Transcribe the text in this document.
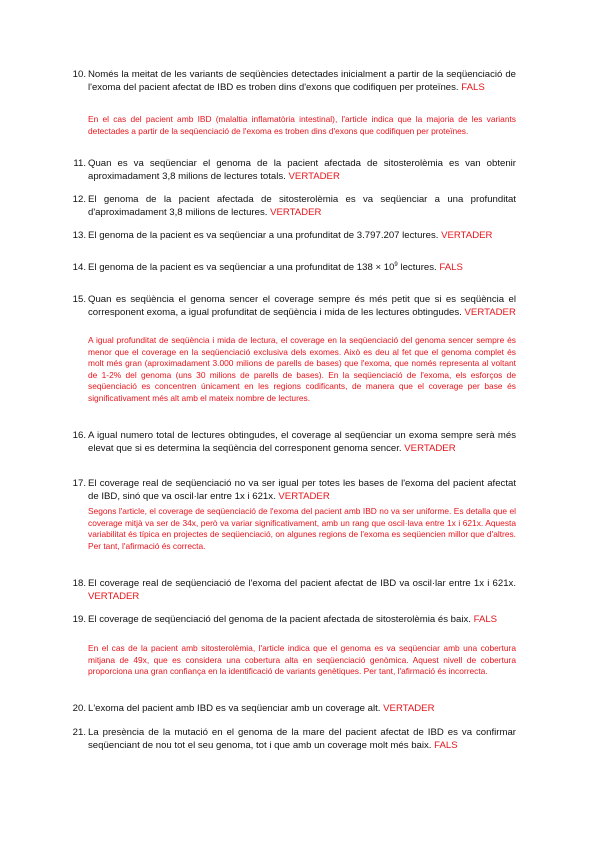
10. Només la meitat de les variants de seqüències detectades inicialment a partir de la seqüenciació de l'exoma del pacient afectat de IBD es troben dins d'exons que codifiquen per proteïnes. FALS
En el cas del pacient amb IBD (malaltia inflamatòria intestinal), l'article indica que la majoria de les variants detectades a partir de la seqüenciació de l'exoma es troben dins d'exons que codifiquen per proteïnes.
11. Quan es va seqüenciar el genoma de la pacient afectada de sitosterolèmia es van obtenir aproximadament 3,8 milions de lectures totals. VERTADER
12. El genoma de la pacient afectada de sitosterolèmia es va seqüenciar a una profunditat d'aproximadament 3,8 milions de lectures. VERTADER
13. El genoma de la pacient es va seqüenciar a una profunditat de 3.797.207 lectures. VERTADER
14. El genoma de la pacient es va seqüenciar a una profunditat de $138 \times 10^9$ lectures. FALS
15. Quan es seqüència el genoma sencer el coverage sempre és més petit que si es seqüència el corresponent exoma, a igual profunditat de seqüència i mida de les lectures obtingudes. VERTADER
A igual profunditat de seqüència i mida de lectura, el coverage en la seqüenciació del genoma sencer sempre és menor que el coverage en la seqüenciació exclusiva dels exomes. Això es deu al fet que el genoma complet és molt més gran (aproximadament 3.000 milions de parells de bases) que l'exoma, que només representa al voltant de 1-2% del genoma (uns 30 milions de parells de bases). En la seqüenciació de l'exoma, els esforços de seqüenciació es concentren únicament en les regions codificants, de manera que el coverage per base és significativament més alt amb el mateix nombre de lectures.
16. A igual numero total de lectures obtingudes, el coverage al seqüenciar un exoma sempre serà més elevat que si es determina la seqüència del corresponent genoma sencer. VERTADER
17. El coverage real de seqüenciació no va ser igual per totes les bases de l'exoma del pacient afectat de IBD, sinó que va oscil·lar entre 1x i 621x. VERTADER
Segons l'article, el coverage de seqüenciació de l'exoma del pacient amb IBD no va ser uniforme. Es detalla que el coverage mitjà va ser de 34x, però va variar significativament, amb un rang que oscil·lava entre 1x i 621x. Aquesta variabilitat és típica en projectes de seqüenciació, on algunes regions de l'exoma es seqüencien millor que d'altres. Per tant, l'afirmació és correcta.
18. El coverage real de seqüenciació de l'exoma del pacient afectat de IBD va oscil·lar entre 1x i 621x. VERTADER
19. El coverage de seqüenciació del genoma de la pacient afectada de sitosterolèmia és baix. FALS
En el cas de la pacient amb sitosterolèmia, l'article indica que el genoma es va seqüenciar amb una cobertura mitjana de 49x, que es considera una cobertura alta en seqüenciació genòmica. Aquest nivell de cobertura proporciona una gran confiança en la identificació de variants genètiques. Per tant, l'afirmació és incorrecta.
20. L'exoma del pacient amb IBD es va seqüenciar amb un coverage alt. VERTADER
21. La presència de la mutació en el genoma de la mare del pacient afectat de IBD es va confirmar seqüenciant de nou tot el seu genoma, tot i que amb un coverage molt més baix. FALS
